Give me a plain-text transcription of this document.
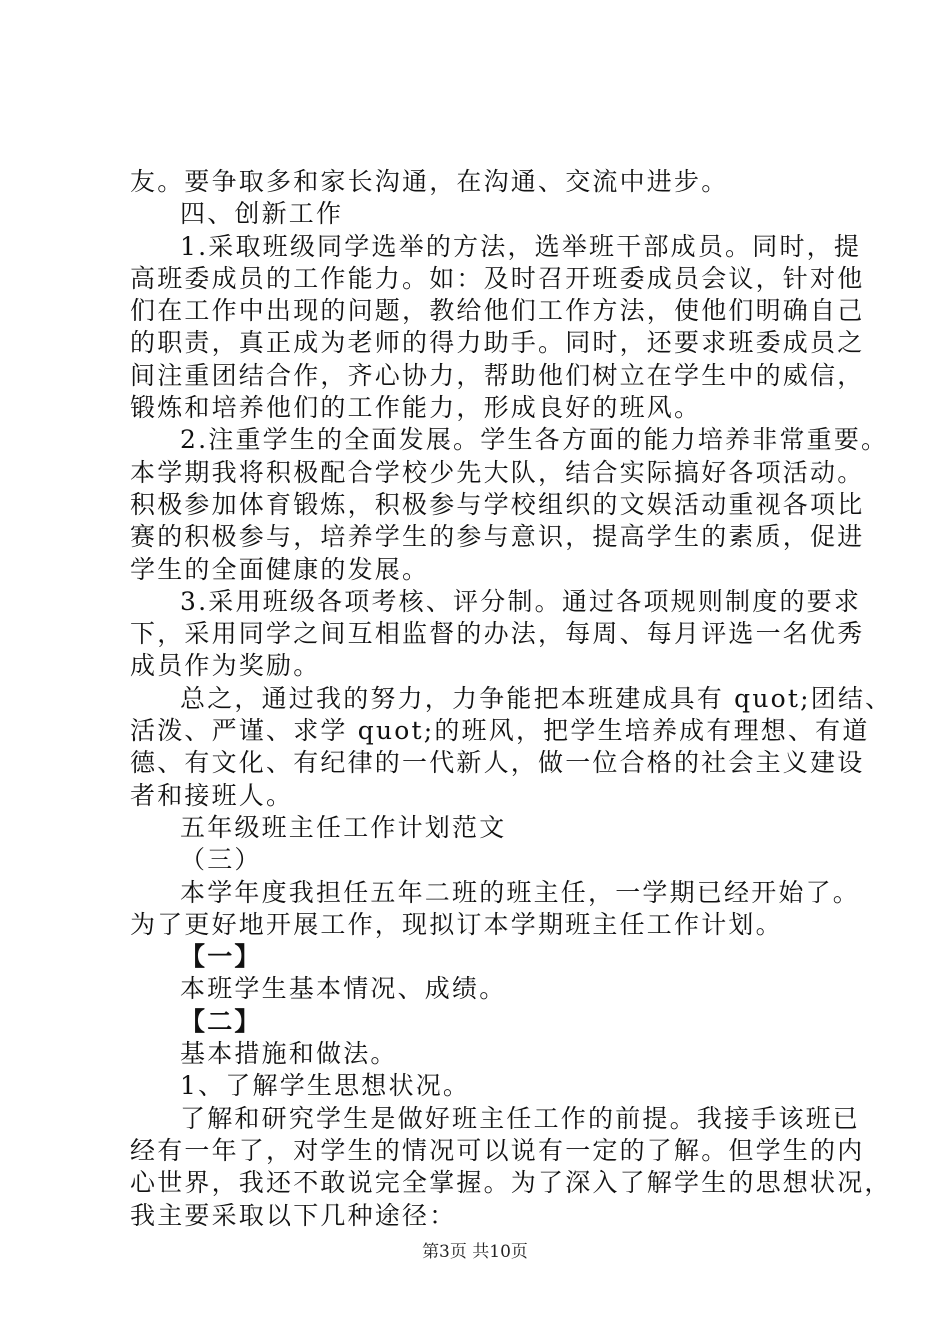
友。要争取多和家长沟通，在沟通、交流中进步。
四、创新工作
1.采取班级同学选举的方法，选举班干部成员。同时，提
高班委成员的工作能力。如：及时召开班委成员会议，针对他
们在工作中出现的问题，教给他们工作方法，使他们明确自己
的职责，真正成为老师的得力助手。同时，还要求班委成员之
间注重团结合作，齐心协力，帮助他们树立在学生中的威信，
锻炼和培养他们的工作能力，形成良好的班风。
2.注重学生的全面发展。学生各方面的能力培养非常重要。
本学期我将积极配合学校少先大队，结合实际搞好各项活动。
积极参加体育锻炼，积极参与学校组织的文娱活动重视各项比
赛的积极参与，培养学生的参与意识，提高学生的素质，促进
学生的全面健康的发展。
3.采用班级各项考核、评分制。通过各项规则制度的要求
下，采用同学之间互相监督的办法，每周、每月评选一名优秀
成员作为奖励。
总之，通过我的努力，力争能把本班建成具有 quot;团结、
活泼、严谨、求学 quot;的班风，把学生培养成有理想、有道
德、有文化、有纪律的一代新人，做一位合格的社会主义建设
者和接班人。
五年级班主任工作计划范文
（三）
本学年度我担任五年二班的班主任，一学期已经开始了。
为了更好地开展工作，现拟订本学期班主任工作计划。
【一】
本班学生基本情况、成绩。
【二】
基本措施和做法。
1、了解学生思想状况。
了解和研究学生是做好班主任工作的前提。我接手该班已
经有一年了，对学生的情况可以说有一定的了解。但学生的内
心世界，我还不敢说完全掌握。为了深入了解学生的思想状况，
我主要采取以下几种途径：
第3页 共10页
